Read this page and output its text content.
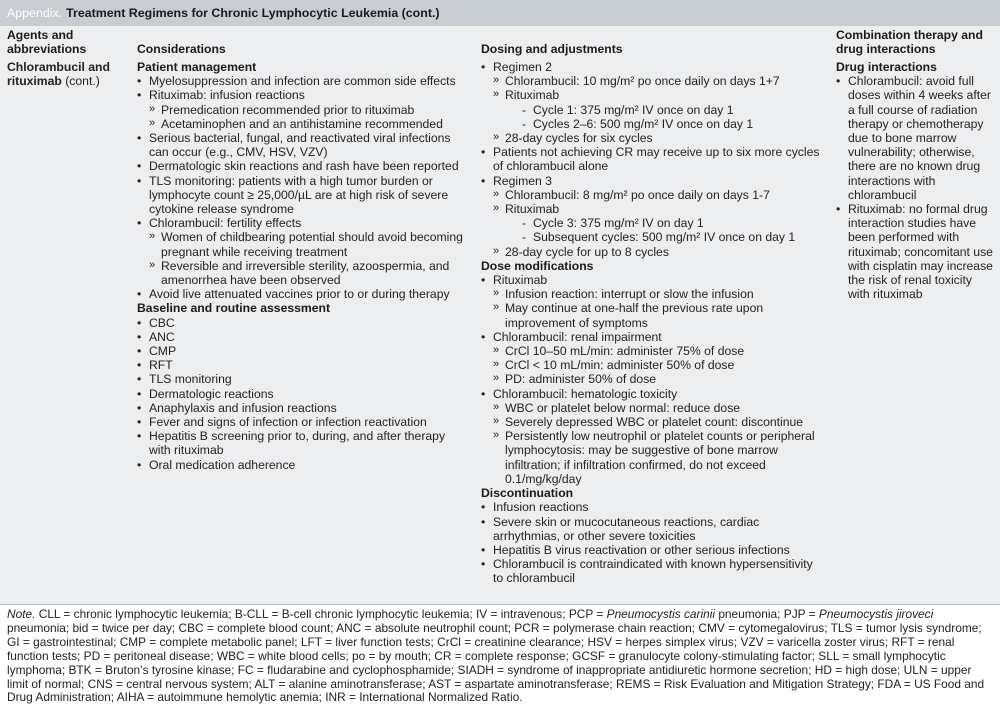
Appendix. Treatment Regimens for Chronic Lymphocytic Leukemia (cont.)
Agents and abbreviations
Chlorambucil and rituximab (cont.)
Considerations
Patient management
• Myelosuppression and infection are common side effects
• Rituximab: infusion reactions
» Premedication recommended prior to rituximab
» Acetaminophen and an antihistamine recommended
• Serious bacterial, fungal, and reactivated viral infections can occur (e.g., CMV, HSV, VZV)
• Dermatologic skin reactions and rash have been reported
• TLS monitoring: patients with a high tumor burden or lymphocyte count ≥ 25,000/µL are at high risk of severe cytokine release syndrome
• Chlorambucil: fertility effects
» Women of childbearing potential should avoid becoming pregnant while receiving treatment
» Reversible and irreversible sterility, azoospermia, and amenorrhea have been observed
• Avoid live attenuated vaccines prior to or during therapy
Baseline and routine assessment
• CBC
• ANC
• CMP
• RFT
• TLS monitoring
• Dermatologic reactions
• Anaphylaxis and infusion reactions
• Fever and signs of infection or infection reactivation
• Hepatitis B screening prior to, during, and after therapy with rituximab
• Oral medication adherence
Dosing and adjustments
• Regimen 2
» Chlorambucil: 10 mg/m² po once daily on days 1+7
» Rituximab
- Cycle 1: 375 mg/m² IV once on day 1
- Cycles 2–6: 500 mg/m² IV once on day 1
» 28-day cycles for six cycles
• Patients not achieving CR may receive up to six more cycles of chlorambucil alone
• Regimen 3
» Chlorambucil: 8 mg/m² po once daily on days 1-7
» Rituximab
- Cycle 3: 375 mg/m² IV on day 1
- Subsequent cycles: 500 mg/m² IV once on day 1
» 28-day cycle for up to 8 cycles
Dose modifications
• Rituximab
» Infusion reaction: interrupt or slow the infusion
» May continue at one-half the previous rate upon improvement of symptoms
• Chlorambucil: renal impairment
» CrCl 10–50 mL/min: administer 75% of dose
» CrCl < 10 mL/min: administer 50% of dose
» PD: administer 50% of dose
• Chlorambucil: hematologic toxicity
» WBC or platelet below normal: reduce dose
» Severely depressed WBC or platelet count: discontinue
» Persistently low neutrophil or platelet counts or peripheral lymphocytosis: may be suggestive of bone marrow infiltration; if infiltration confirmed, do not exceed 0.1/mg/kg/day
Discontinuation
• Infusion reactions
• Severe skin or mucocutaneous reactions, cardiac arrhythmias, or other severe toxicities
• Hepatitis B virus reactivation or other serious infections
• Chlorambucil is contraindicated with known hypersensitivity to chlorambucil
Combination therapy and drug interactions
Drug interactions
• Chlorambucil: avoid full doses within 4 weeks after a full course of radiation therapy or chemotherapy due to bone marrow vulnerability; otherwise, there are no known drug interactions with chlorambucil
• Rituximab: no formal drug interaction studies have been performed with rituximab; concomitant use with cisplatin may increase the risk of renal toxicity with rituximab
Note. CLL = chronic lymphocytic leukemia; B-CLL = B-cell chronic lymphocytic leukemia; IV = intravenous; PCP = Pneumocystis carinii pneumonia; PJP = Pneumocystis jiroveci pneumonia; bid = twice per day; CBC = complete blood count; ANC = absolute neutrophil count; PCR = polymerase chain reaction; CMV = cytomegalovirus; TLS = tumor lysis syndrome; GI = gastrointestinal; CMP = complete metabolic panel; LFT = liver function tests; CrCl = creatinine clearance; HSV = herpes simplex virus; VZV = varicella zoster virus; RFT = renal function tests; PD = peritoneal disease; WBC = white blood cells; po = by mouth; CR = complete response; GCSF = granulocyte colony-stimulating factor; SLL = small lymphocytic lymphoma; BTK = Bruton’s tyrosine kinase; FC = fludarabine and cyclophosphamide; SIADH = syndrome of inappropriate antidiuretic hormone secretion; HD = high dose; ULN = upper limit of normal; CNS = central nervous system; ALT = alanine aminotransferase; AST = aspartate aminotransferase; REMS = Risk Evaluation and Mitigation Strategy; FDA = US Food and Drug Administration; AIHA = autoimmune hemolytic anemia; INR = International Normalized Ratio.
